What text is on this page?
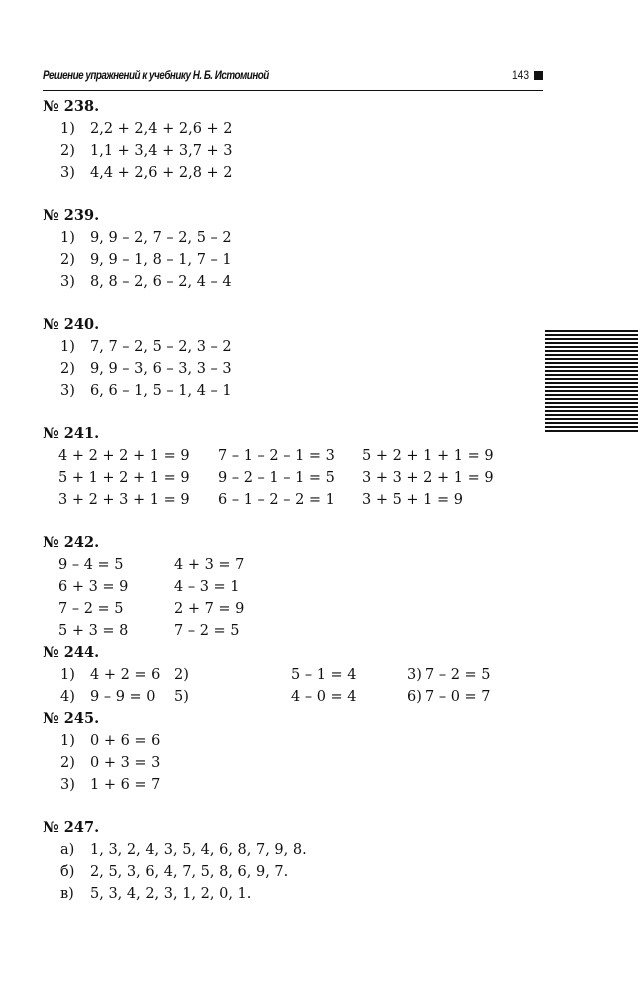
Решение упражнений к учебнику Н. Б. Истоминой	143
№ 238.
1) 2,2 + 2,4 + 2,6 + 2
2) 1,1 + 3,4 + 3,7 + 3
3) 4,4 + 2,6 + 2,8 + 2
№ 239.
1) 9, 9 – 2, 7 – 2, 5 – 2
2) 9, 9 – 1, 8 – 1, 7 – 1
3) 8, 8 – 2, 6 – 2, 4 – 4
№ 240.
1) 7, 7 – 2, 5 – 2, 3 – 2
2) 9, 9 – 3, 6 – 3, 3 – 3
3) 6, 6 – 1, 5 – 1, 4 – 1
№ 241.
4 + 2 + 2 + 1 = 9 7 – 1 – 2 – 1 = 3 5 + 2 + 1 + 1 = 9
5 + 1 + 2 + 1 = 9 9 – 2 – 1 – 1 = 5 3 + 3 + 2 + 1 = 9
3 + 2 + 3 + 1 = 9 6 – 1 – 2 – 2 = 1 3 + 5 + 1 = 9
№ 242.
9 – 4 = 5	4 + 3 = 7
6 + 3 = 9	4 – 3 = 1
7 – 2 = 5	2 + 7 = 9
5 + 3 = 8	7 – 2 = 5
№ 244.
1) 4 + 2 = 6 2)	5 – 1 = 4	3) 7 – 2 = 5
4) 9 – 9 = 0 5)	4 – 0 = 4	6) 7 – 0 = 7
№ 245.
1) 0 + 6 = 6
2) 0 + 3 = 3
3) 1 + 6 = 7
№ 247.
а) 1, 3, 2, 4, 3, 5, 4, 6, 8, 7, 9, 8.
б) 2, 5, 3, 6, 4, 7, 5, 8, 6, 9, 7.
в) 5, 3, 4, 2, 3, 1, 2, 0, 1.
